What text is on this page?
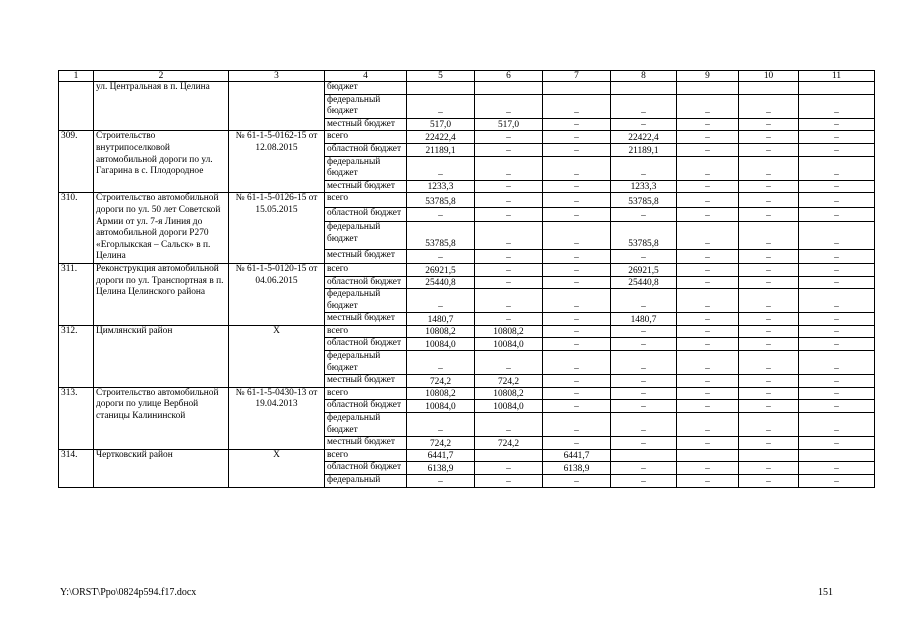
1	2	3	4	5	6	7	8	9	10	11
	ул. Центральная в п. Целина		бюджет							
			федеральный бюджет	–	–	–	–	–	–	–
			местный бюджет	517,0	517,0	–	–	–	–	–
309.	Строительство внутрипоселковой автомобильной дороги по ул. Гагарина в с. Плодородное	№ 61-1-5-0162-15 от 12.08.2015	всего	22422,4	–	–	22422,4	–	–	–
			областной бюджет	21189,1	–	–	21189,1	–	–	–
			федеральный бюджет	–	–	–	–	–	–	–
			местный бюджет	1233,3	–	–	1233,3	–	–	–
310.	Строительство автомобильной дороги по ул. 50 лет Советской Армии от ул. 7-я Линия до автомобильной дороги Р270 «Егорлыкская – Сальск» в п. Целина	№ 61-1-5-0126-15 от 15.05.2015	всего	53785,8	–	–	53785,8	–	–	–
			областной бюджет	–	–	–	–	–	–	–
			федеральный бюджет	53785,8	–	–	53785,8	–	–	–
			местный бюджет	–	–	–	–	–	–	–
311.	Реконструкция автомобильной дороги по ул. Транспортная в п. Целина Целинского района	№ 61-1-5-0120-15 от 04.06.2015	всего	26921,5	–	–	26921,5	–	–	–
			областной бюджет	25440,8	–	–	25440,8	–	–	–
			федеральный бюджет	–	–	–	–	–	–	–
			местный бюджет	1480,7	–	–	1480,7	–	–	–
312.	Цимлянский район	Х	всего	10808,2	10808,2	–	–	–	–	–
			областной бюджет	10084,0	10084,0	–	–	–	–	–
			федеральный бюджет	–	–	–	–	–	–	–
			местный бюджет	724,2	724,2	–	–	–	–	–
313.	Строительство автомобильной дороги по улице Вербной станицы Калининской	№ 61-1-5-0430-13 от 19.04.2013	всего	10808,2	10808,2	–	–	–	–	–
			областной бюджет	10084,0	10084,0	–	–	–	–	–
			федеральный бюджет	–	–	–	–	–	–	–
			местный бюджет	724,2	724,2	–	–	–	–	–
314.	Чертковский район	Х	всего	6441,7		6441,7				
			областной бюджет	6138,9	–	6138,9	–	–	–	–
			федеральный	–	–	–	–	–	–	–
Y:\ORST\Ppo\0824p594.f17.docx	151
